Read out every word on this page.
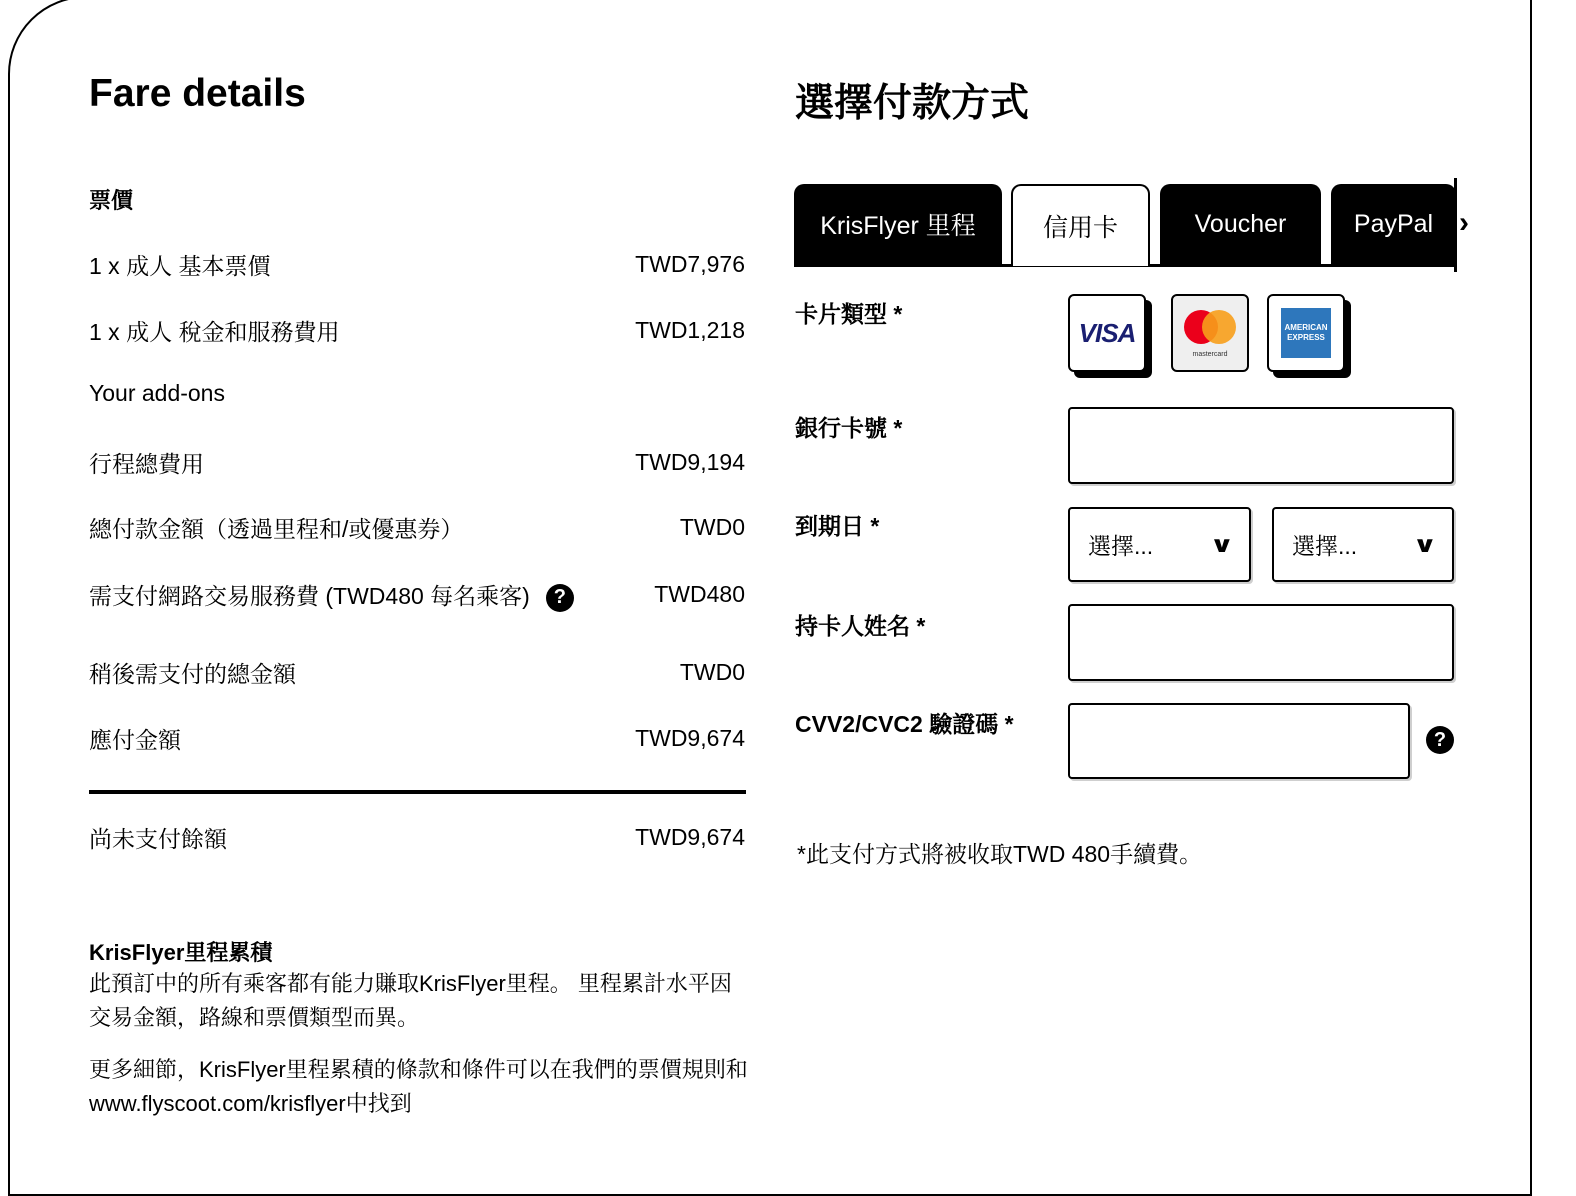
Fare details
票價
1 x 成人 基本票價	TWD7,976
1 x 成人 稅金和服務費用	TWD1,218
Your add-ons
行程總費用	TWD9,194
總付款金額（透過里程和/或優惠券）	TWD0
需支付網路交易服務費 (TWD480 每名乘客) ?	TWD480
稍後需支付的總金額	TWD0
應付金額	TWD9,674
尚未支付餘額	TWD9,674
KrisFlyer里程累積

此預訂中的所有乘客都有能力賺取KrisFlyer里程。 里程累計水平因交易金額，路線和票價類型而異。

更多細節，KrisFlyer里程累積的條款和條件可以在我們的票價規則和www.flyscoot.com/krisflyer中找到

選擇付款方式
KrisFlyer 里程	信用卡	Voucher	PayPal ›
卡片類型 *
VISA
mastercard
AMERICAN
EXPRESS
銀行卡號 *
到期日 *
選擇...	∨ 選擇...	∨
持卡人姓名 *
CVV2/CVC2 驗證碼 *
?
*此支付方式將被收取TWD 480手續費。
